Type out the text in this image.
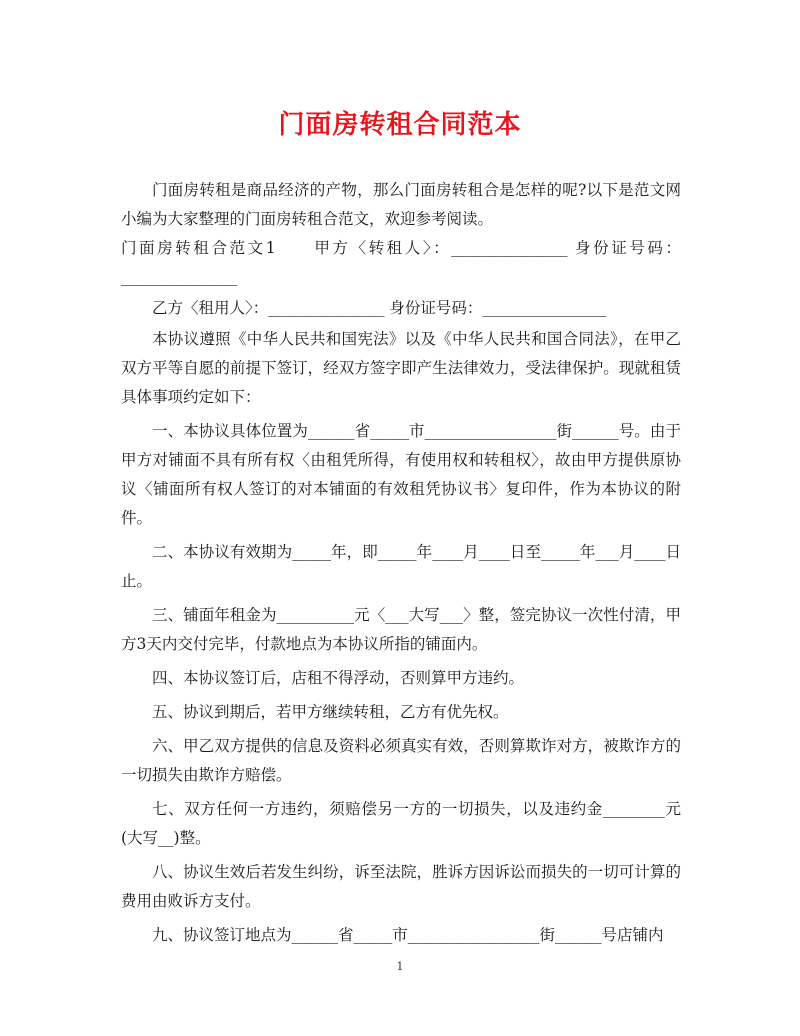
门面房转租合同范本

门面房转租是商品经济的产物，那么门面房转租合是怎样的呢?以下是范文网小编为大家整理的门面房转租合范文，欢迎参考阅读。

门面房转租合范文1　　甲方〈转租人〉：_______________ 身份证号码：_______________

乙方〈租用人〉：_______________ 身份证号码：________________

本协议遵照《中华人民共和国宪法》以及《中华人民共和国合同法》，在甲乙双方平等自愿的前提下签订，经双方签字即产生法律效力，受法律保护。现就租赁具体事项约定如下：

一、本协议具体位置为______省_____市_________________街______号。由于甲方对铺面不具有所有权〈由租凭所得，有使用权和转租权〉，故由甲方提供原协议〈铺面所有权人签订的对本铺面的有效租凭协议书〉复印件，作为本协议的附件。

二、本协议有效期为_____年，即_____年____月____日至_____年___月____日止。

三、铺面年租金为__________元〈___大写___〉整，签完协议一次性付清，甲方3天内交付完毕，付款地点为本协议所指的铺面内。

四、本协议签订后，店租不得浮动，否则算甲方违约。

五、协议到期后，若甲方继续转租，乙方有优先权。

六、甲乙双方提供的信息及资料必须真实有效，否则算欺诈对方，被欺诈方的一切损失由欺诈方赔偿。

七、双方任何一方违约，须赔偿另一方的一切损失，以及违约金________元(大写__)整。

八、协议生效后若发生纠纷，诉至法院，胜诉方因诉讼而损失的一切可计算的费用由败诉方支付。

九、协议签订地点为______省_____市_________________街______号店铺内

1
